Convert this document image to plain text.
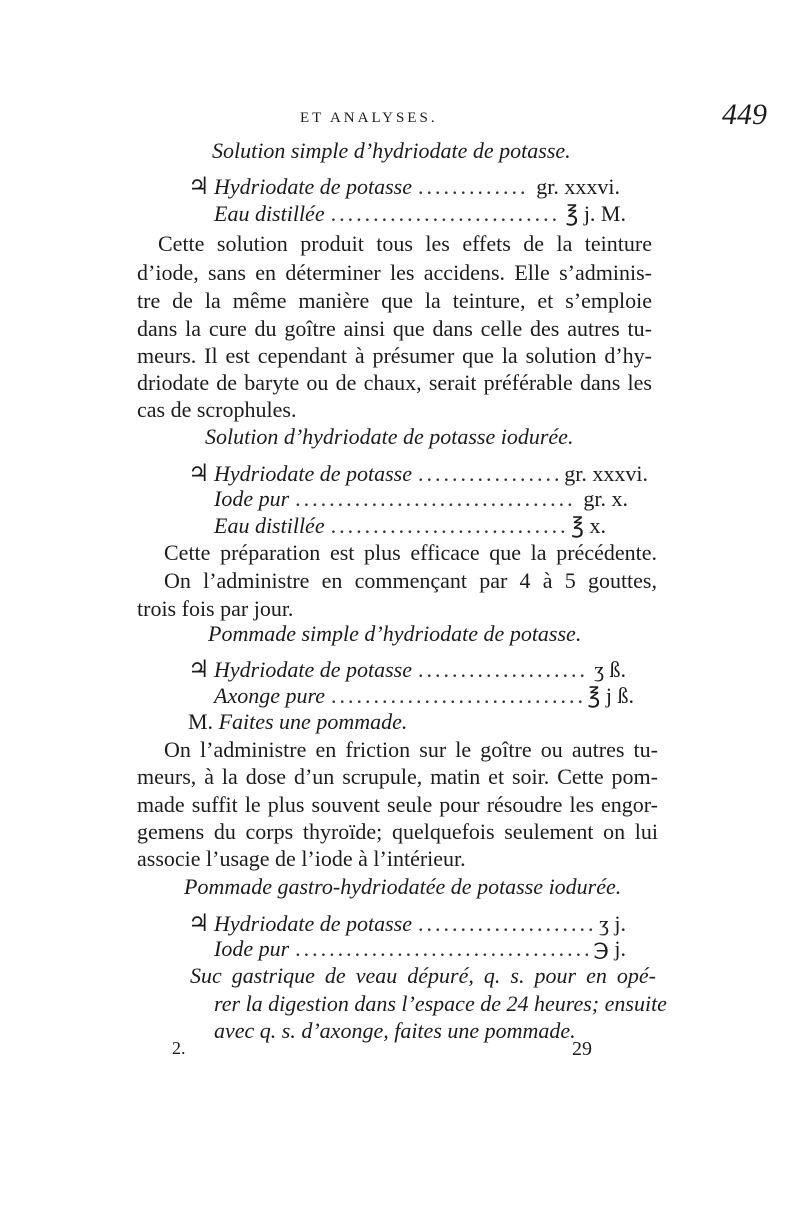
ET ANALYSES.	449
Solution simple d’hydriodate de potasse.
♃ Hydriodate de potasse .....	gr. xxxvi.
Eau distillée .....	℥ j. M.
Cette solution produit tous les effets de la teinture
d’iode, sans en déterminer les accidens. Elle s’adminis-
tre de la même manière que la teinture, et s’emploie
dans la cure du goître ainsi que dans celle des autres tu-
meurs. Il est cependant à présumer que la solution d’hy-
driodate de baryte ou de chaux, serait préférable dans les
cas de scrophules.
Solution d’hydriodate de potasse iodurée.
♃ Hydriodate de potasse .....	gr. xxxvi.
Iode pur .....	gr. x.
Eau distillée .....	℥ x.
Cette préparation est plus efficace que la précédente.
On l’administre en commençant par 4 à 5 gouttes,
trois fois par jour.
Pommade simple d’hydriodate de potasse.
♃ Hydriodate de potasse .....	ʒ ß.
Axonge pure .....	℥ j ß.
M. Faites une pommade.
On l’administre en friction sur le goître ou autres tu-
meurs, à la dose d’un scrupule, matin et soir. Cette pom-
made suffit le plus souvent seule pour résoudre les engor-
gemens du corps thyroïde; quelquefois seulement on lui
associe l’usage de l’iode à l’intérieur.
Pommade gastro-hydriodatée de potasse iodurée.
♃ Hydriodate de potasse .....	ʒ j.
Iode pur .....	℈ j.
Suc gastrique de veau dépuré, q. s. pour en opé-
rer la digestion dans l’espace de 24 heures; ensuite
avec q. s. d’axonge, faites une pommade.
2.	29
